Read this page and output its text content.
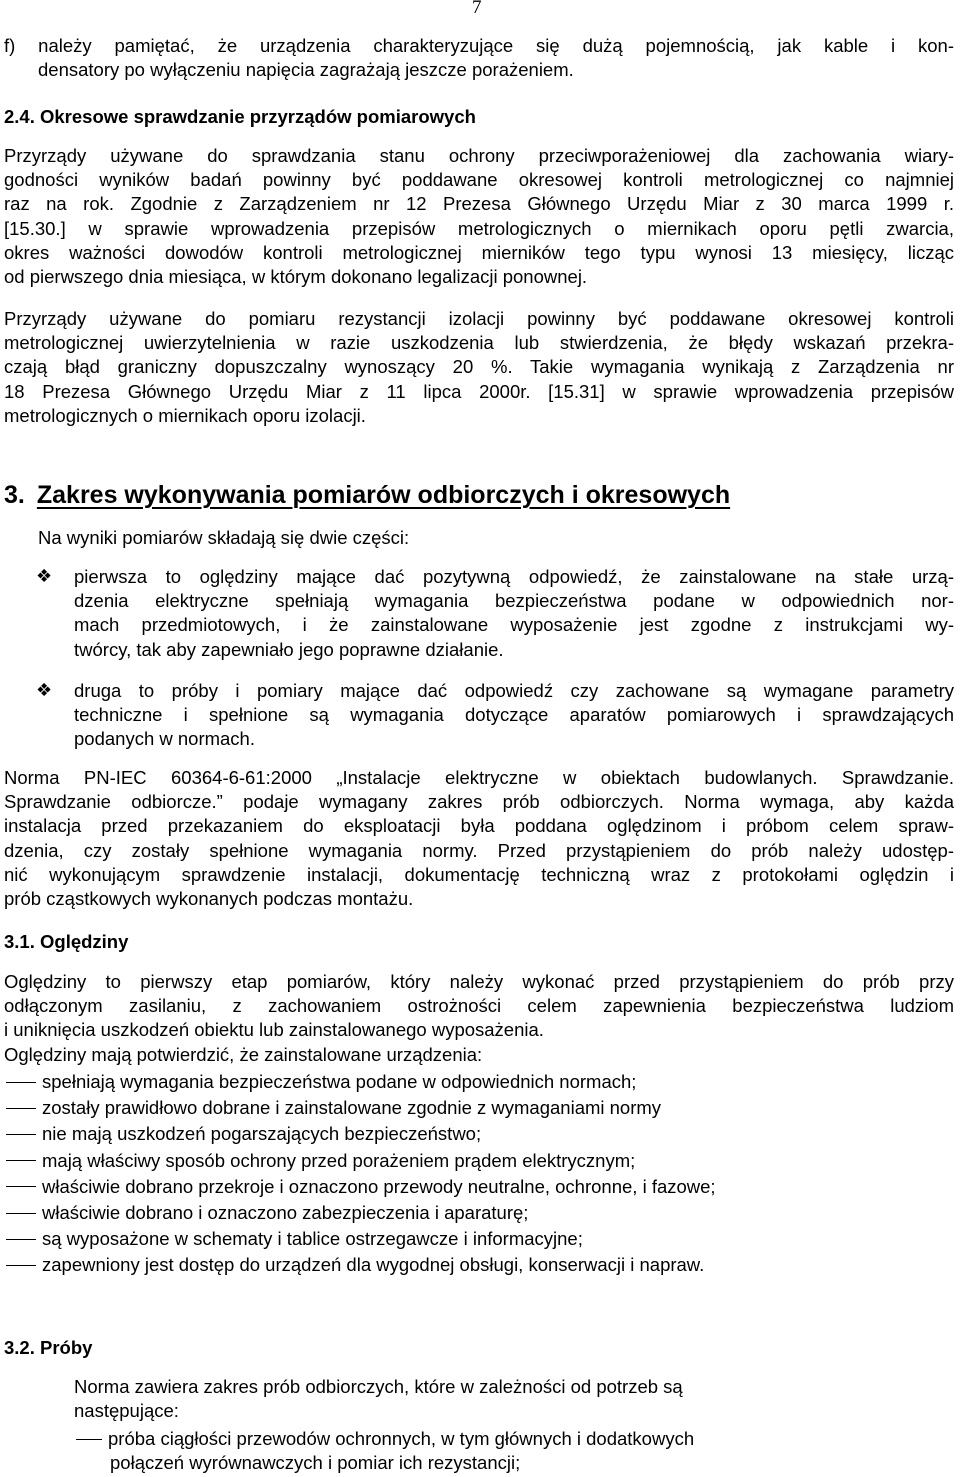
7
f) należy pamiętać, że urządzenia charakteryzujące się dużą pojemnością, jak kable i kon-
densatory po wyłączeniu napięcia zagrażają jeszcze porażeniem.
2.4. Okresowe sprawdzanie przyrządów pomiarowych
Przyrządy używane do sprawdzania stanu ochrony przeciwporażeniowej dla zachowania wiary-
godności wyników badań powinny być poddawane okresowej kontroli metrologicznej co najmniej
raz na rok. Zgodnie z Zarządzeniem nr 12 Prezesa Głównego Urzędu Miar z 30 marca 1999 r.
[15.30.] w sprawie wprowadzenia przepisów metrologicznych o miernikach oporu pętli zwarcia,
okres ważności dowodów kontroli metrologicznej mierników tego typu wynosi 13 miesięcy, licząc
od pierwszego dnia miesiąca, w którym dokonano legalizacji ponownej.
Przyrządy używane do pomiaru rezystancji izolacji powinny być poddawane okresowej kontroli
metrologicznej uwierzytelnienia w razie uszkodzenia lub stwierdzenia, że błędy wskazań przekra-
czają błąd graniczny dopuszczalny wynoszący 20 %. Takie wymagania wynikają z Zarządzenia nr
18 Prezesa Głównego Urzędu Miar z 11 lipca 2000r. [15.31] w sprawie wprowadzenia przepisów
metrologicznych o miernikach oporu izolacji.
3. Zakres wykonywania pomiarów odbiorczych i okresowych
Na wyniki pomiarów składają się dwie części:
❖ pierwsza to oględziny mające dać pozytywną odpowiedź, że zainstalowane na stałe urzą-
dzenia elektryczne spełniają wymagania bezpieczeństwa podane w odpowiednich nor-
mach przedmiotowych, i że zainstalowane wyposażenie jest zgodne z instrukcjami wy-
twórcy, tak aby zapewniało jego poprawne działanie.
❖ druga to próby i pomiary mające dać odpowiedź czy zachowane są wymagane parametry
techniczne i spełnione są wymagania dotyczące aparatów pomiarowych i sprawdzających
podanych w normach.
Norma PN-IEC 60364-6-61:2000 „Instalacje elektryczne w obiektach budowlanych. Sprawdzanie.
Sprawdzanie odbiorcze.” podaje wymagany zakres prób odbiorczych. Norma wymaga, aby każda
instalacja przed przekazaniem do eksploatacji była poddana oględzinom i próbom celem spraw-
dzenia, czy zostały spełnione wymagania normy. Przed przystąpieniem do prób należy udostęp-
nić wykonującym sprawdzenie instalacji, dokumentację techniczną wraz z protokołami oględzin i
prób cząstkowych wykonanych podczas montażu.
3.1. Oględziny
Oględziny to pierwszy etap pomiarów, który należy wykonać przed przystąpieniem do prób przy
odłączonym zasilaniu, z zachowaniem ostrożności celem zapewnienia bezpieczeństwa ludziom
i uniknięcia uszkodzeń obiektu lub zainstalowanego wyposażenia.
Oględziny mają potwierdzić, że zainstalowane urządzenia:
spełniają wymagania bezpieczeństwa podane w odpowiednich normach;
zostały prawidłowo dobrane i zainstalowane zgodnie z wymaganiami normy
nie mają uszkodzeń pogarszających bezpieczeństwo;
mają właściwy sposób ochrony przed porażeniem prądem elektrycznym;
właściwie dobrano przekroje i oznaczono przewody neutralne, ochronne, i fazowe;
właściwie dobrano i oznaczono zabezpieczenia i aparaturę;
są wyposażone w schematy i tablice ostrzegawcze i informacyjne;
zapewniony jest dostęp do urządzeń dla wygodnej obsługi, konserwacji i napraw.
3.2. Próby
Norma zawiera zakres prób odbiorczych, które w zależności od potrzeb są
następujące:
próba ciągłości przewodów ochronnych, w tym głównych i dodatkowych
połączeń wyrównawczych i pomiar ich rezystancji;
